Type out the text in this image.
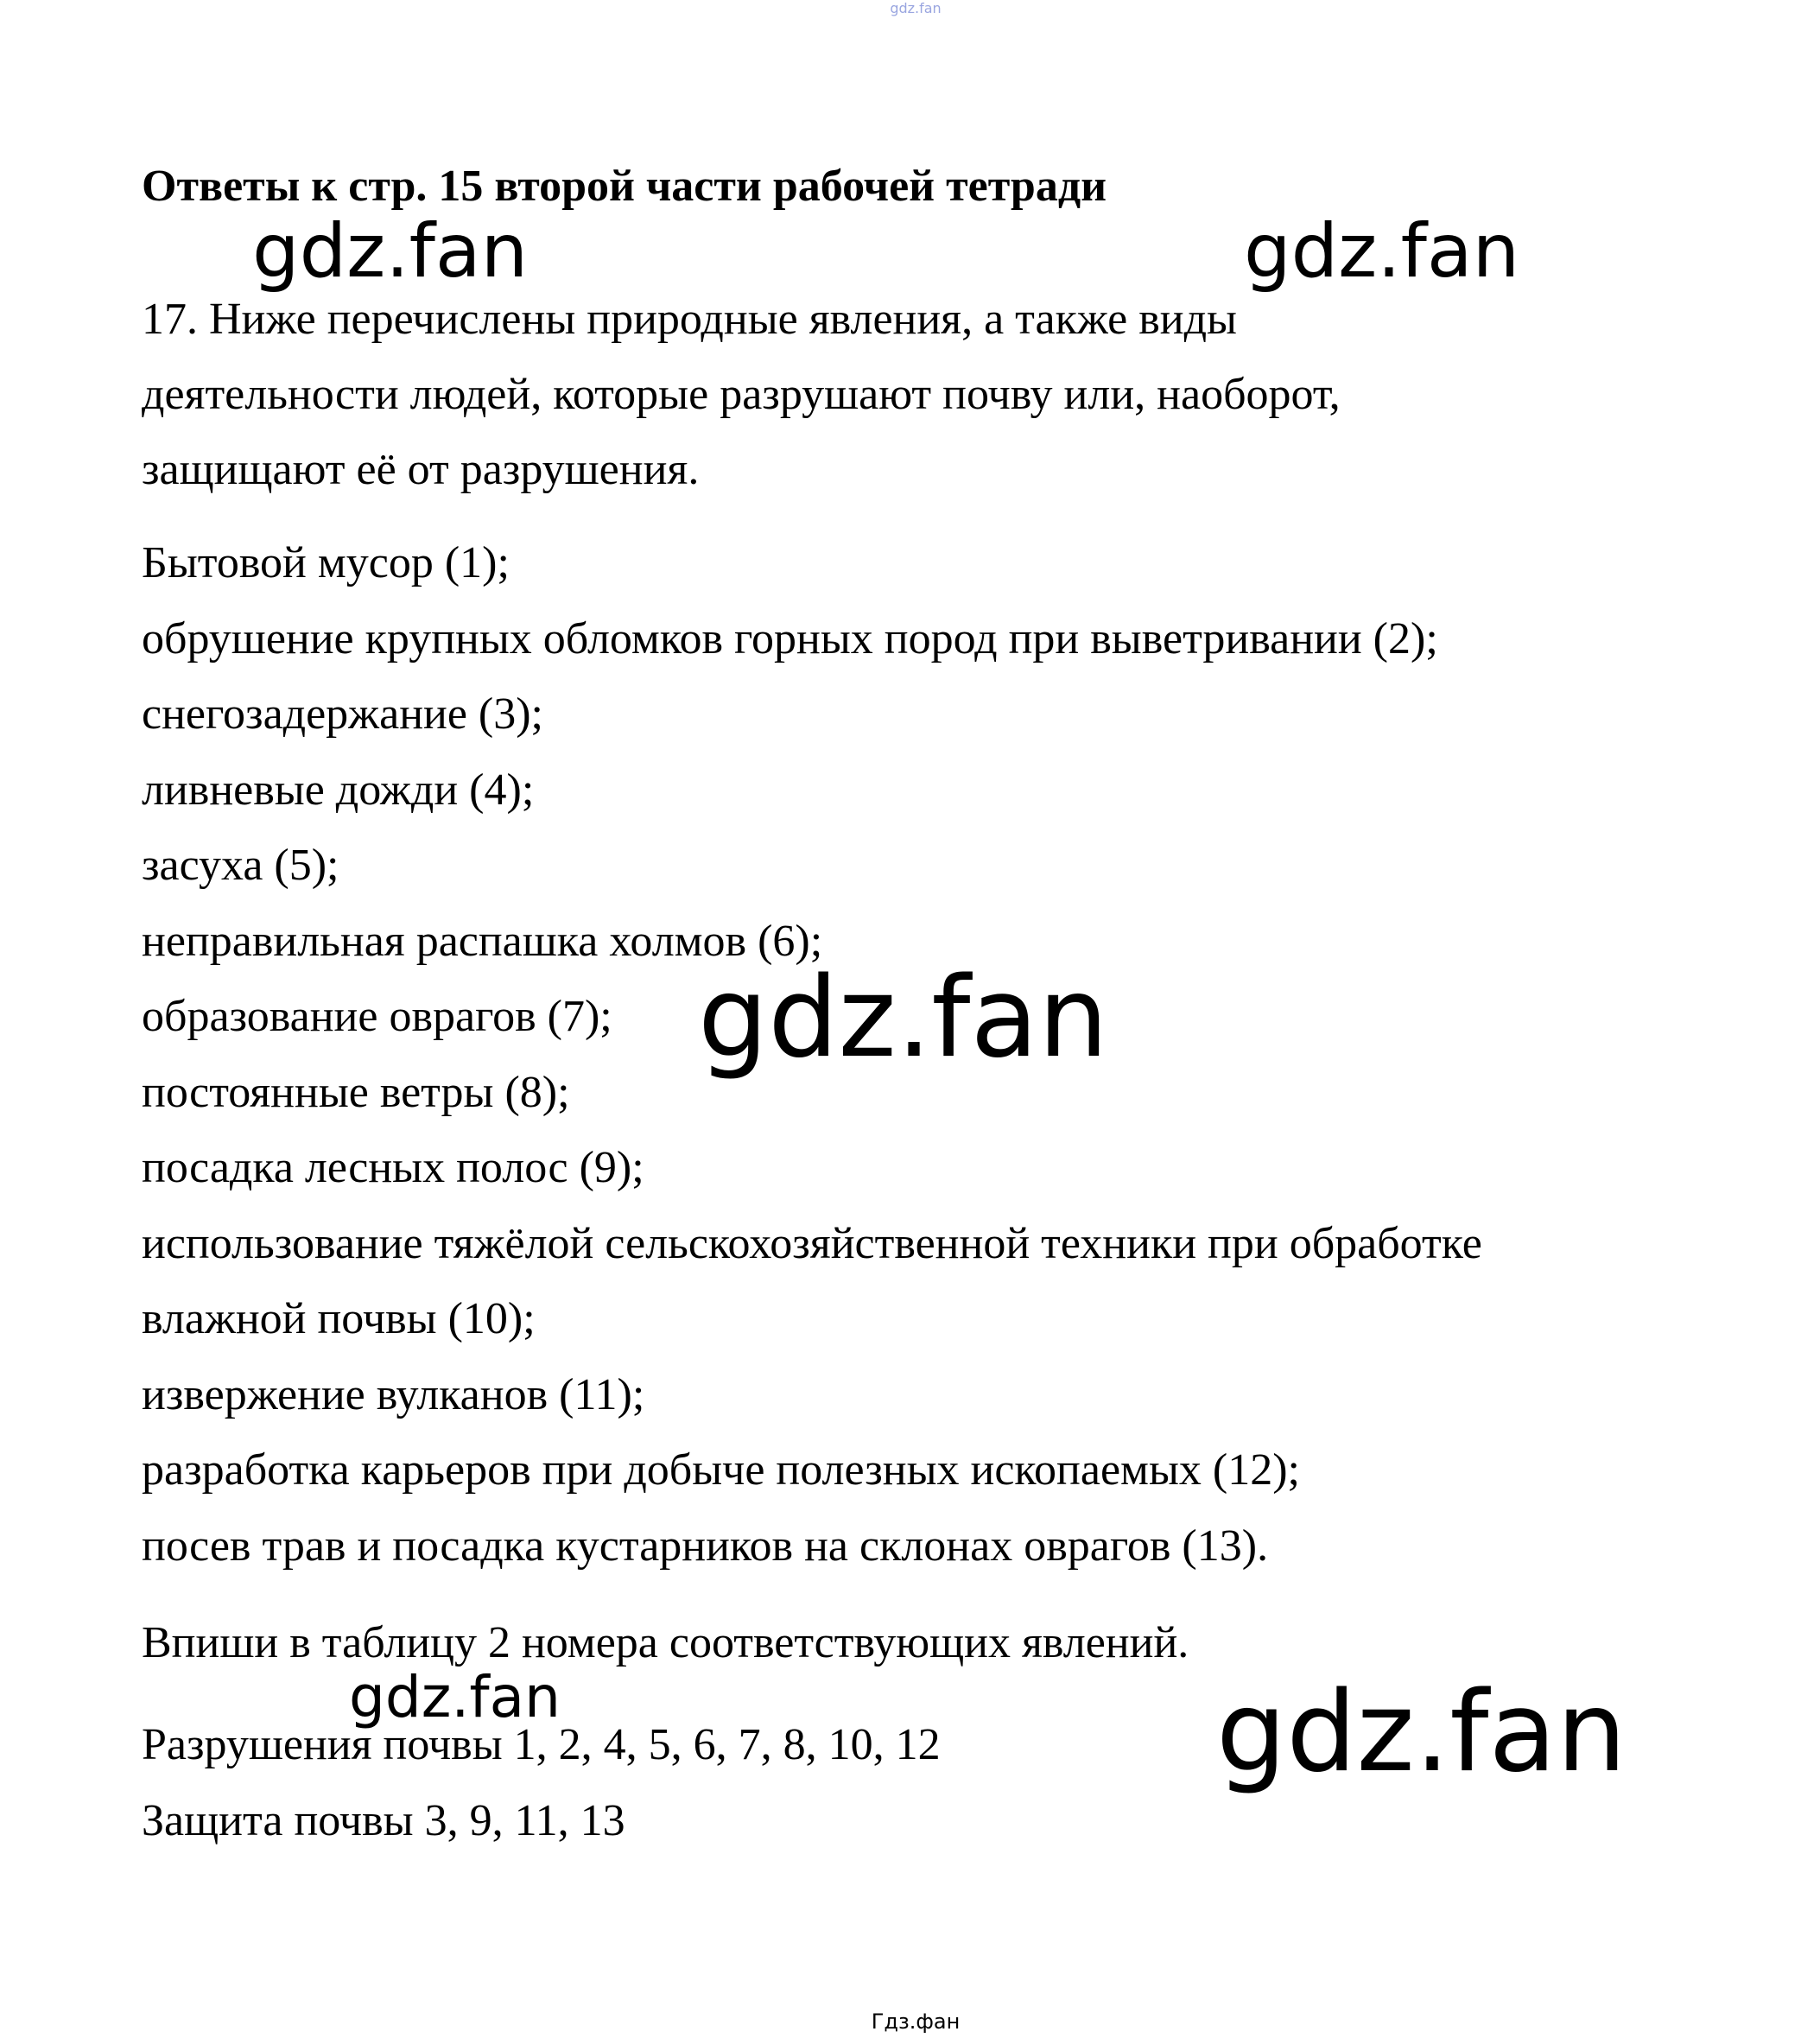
gdz.fan
Ответы к стр. 15 второй части рабочей тетради
17. Ниже перечислены природные явления, а также виды
деятельности людей, которые разрушают почву или, наоборот,
защищают её от разрушения.
Бытовой мусор (1);
обрушение крупных обломков горных пород при выветривании (2);
снегозадержание (3);
ливневые дожди (4);
засуха (5);
неправильная распашка холмов (6);
образование оврагов (7);
постоянные ветры (8);
посадка лесных полос (9);
использование тяжёлой сельскохозяйственной техники при обработке
влажной почвы (10);
извержение вулканов (11);
разработка карьеров при добыче полезных ископаемых (12);
посев трав и посадка кустарников на склонах оврагов (13).
Впиши в таблицу 2 номера соответствующих явлений.
Разрушения почвы 1, 2, 4, 5, 6, 7, 8, 10, 12
Защита почвы 3, 9, 11, 13
gdz.fan	gdz.fan
gdz.fan
gdz.fan	gdz.fan
Гдз.фан
